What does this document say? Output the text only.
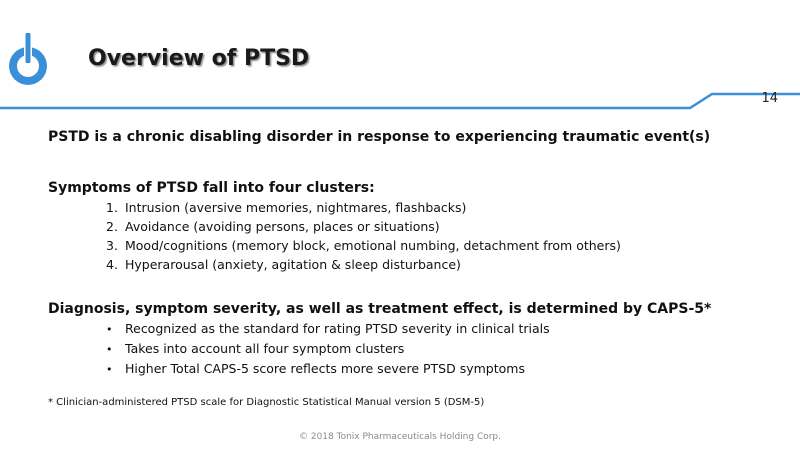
Overview of PTSD
14

PSTD is a chronic disabling disorder in response to experiencing traumatic event(s)

Symptoms of PTSD fall into four clusters:

1. Intrusion (aversive memories, nightmares, flashbacks)
2. Avoidance (avoiding persons, places or situations)
3. Mood/cognitions (memory block, emotional numbing, detachment from others)
4. Hyperarousal (anxiety, agitation & sleep disturbance)

Diagnosis, symptom severity, as well as treatment effect, is determined by CAPS-5*

• Recognized as the standard for rating PTSD severity in clinical trials
• Takes into account all four symptom clusters
• Higher Total CAPS-5 score reflects more severe PTSD symptoms

* Clinician-administered PTSD scale for Diagnostic Statistical Manual version 5 (DSM-5)

© 2018 Tonix Pharmaceuticals Holding Corp.
